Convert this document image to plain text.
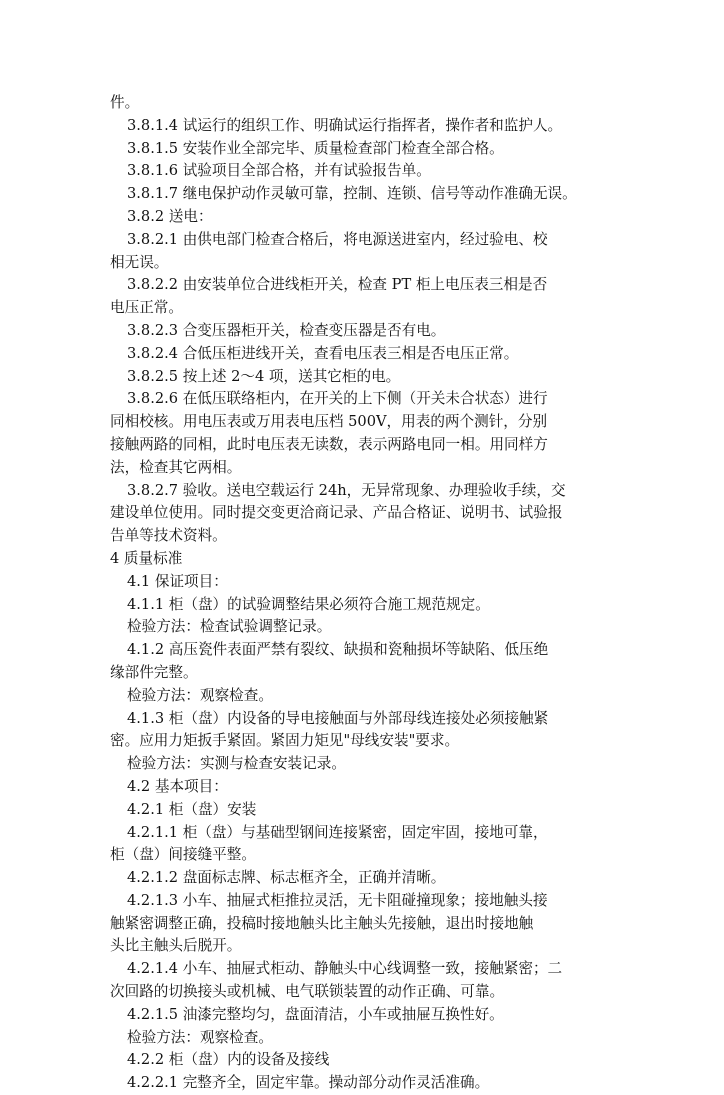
件。
3.8.1.4 试运行的组织工作、明确试运行指挥者，操作者和监护人。
3.8.1.5 安装作业全部完毕、质量检查部门检查全部合格。
3.8.1.6 试验项目全部合格，并有试验报告单。
3.8.1.7 继电保护动作灵敏可靠，控制、连锁、信号等动作准确无误。
3.8.2 送电：
3.8.2.1 由供电部门检查合格后，将电源送进室内，经过验电、校
相无误。
3.8.2.2 由安装单位合进线柜开关，检查 PT 柜上电压表三相是否
电压正常。
3.8.2.3 合变压器柜开关，检查变压器是否有电。
3.8.2.4 合低压柜进线开关，查看电压表三相是否电压正常。
3.8.2.5 按上述 2～4 项，送其它柜的电。
3.8.2.6 在低压联络柜内，在开关的上下侧（开关未合状态）进行
同相校核。用电压表或万用表电压档 500V，用表的两个测针，分别
接触两路的同相，此时电压表无读数，表示两路电同一相。用同样方
法，检查其它两相。
3.8.2.7 验收。送电空载运行 24h，无异常现象、办理验收手续，交
建设单位使用。同时提交变更洽商记录、产品合格证、说明书、试验报
告单等技术资料。
4 质量标准
4.1 保证项目：
4.1.1 柜（盘）的试验调整结果必须符合施工规范规定。
检验方法：检查试验调整记录。
4.1.2 高压瓷件表面严禁有裂纹、缺损和瓷釉损坏等缺陷、低压绝
缘部件完整。
检验方法：观察检查。
4.1.3 柜（盘）内设备的导电接触面与外部母线连接处必须接触紧
密。应用力矩扳手紧固。紧固力矩见"母线安装"要求。
检验方法：实测与检查安装记录。
4.2 基本项目：
4.2.1 柜（盘）安装
4.2.1.1 柜（盘）与基础型钢间连接紧密，固定牢固，接地可靠，
柜（盘）间接缝平整。
4.2.1.2 盘面标志牌、标志框齐全，正确并清晰。
4.2.1.3 小车、抽屉式柜推拉灵活，无卡阻碰撞现象；接地触头接
触紧密调整正确，投稿时接地触头比主触头先接触，退出时接地触
头比主触头后脱开。
4.2.1.4 小车、抽屉式柜动、静触头中心线调整一致，接触紧密；二
次回路的切换接头或机械、电气联锁装置的动作正确、可靠。
4.2.1.5 油漆完整均匀，盘面清洁，小车或抽屉互换性好。
检验方法：观察检查。
4.2.2 柜（盘）内的设备及接线
4.2.2.1 完整齐全，固定牢靠。操动部分动作灵活准确。
